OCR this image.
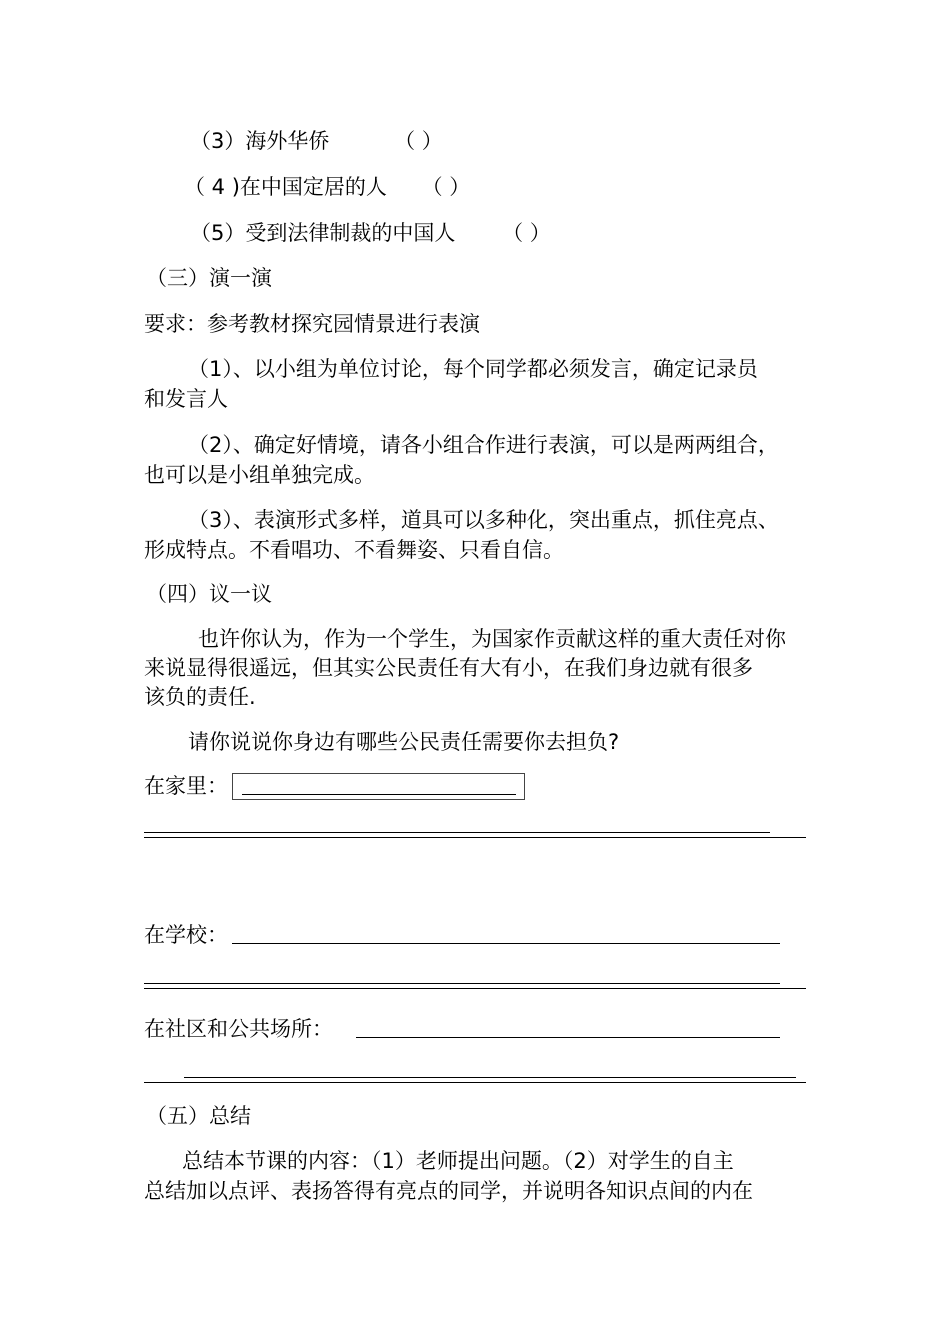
（3）海外华侨	（ ）
（ 4 )在中国定居的人 （ ）
（5）受到法律制裁的中国人 （ ）
（三）演一演
要求：参考教材探究园情景进行表演
（1）、以小组为单位讨论，每个同学都必须发言，确定记录员
和发言人
（2）、确定好情境，请各小组合作进行表演，可以是两两组合，
也可以是小组单独完成。
（3）、表演形式多样，道具可以多种化，突出重点，抓住亮点、
形成特点。不看唱功、不看舞姿、只看自信。
（四）议一议
也许你认为，作为一个学生，为国家作贡献这样的重大责任对你
来说显得很遥远，但其实公民责任有大有小，在我们身边就有很多
该负的责任.
请你说说你身边有哪些公民责任需要你去担负?
在家里：
在学校：
在社区和公共场所：
（五）总结
总结本节课的内容：（1）老师提出问题。（2）对学生的自主
总结加以点评、表扬答得有亮点的同学，并说明各知识点间的内在
